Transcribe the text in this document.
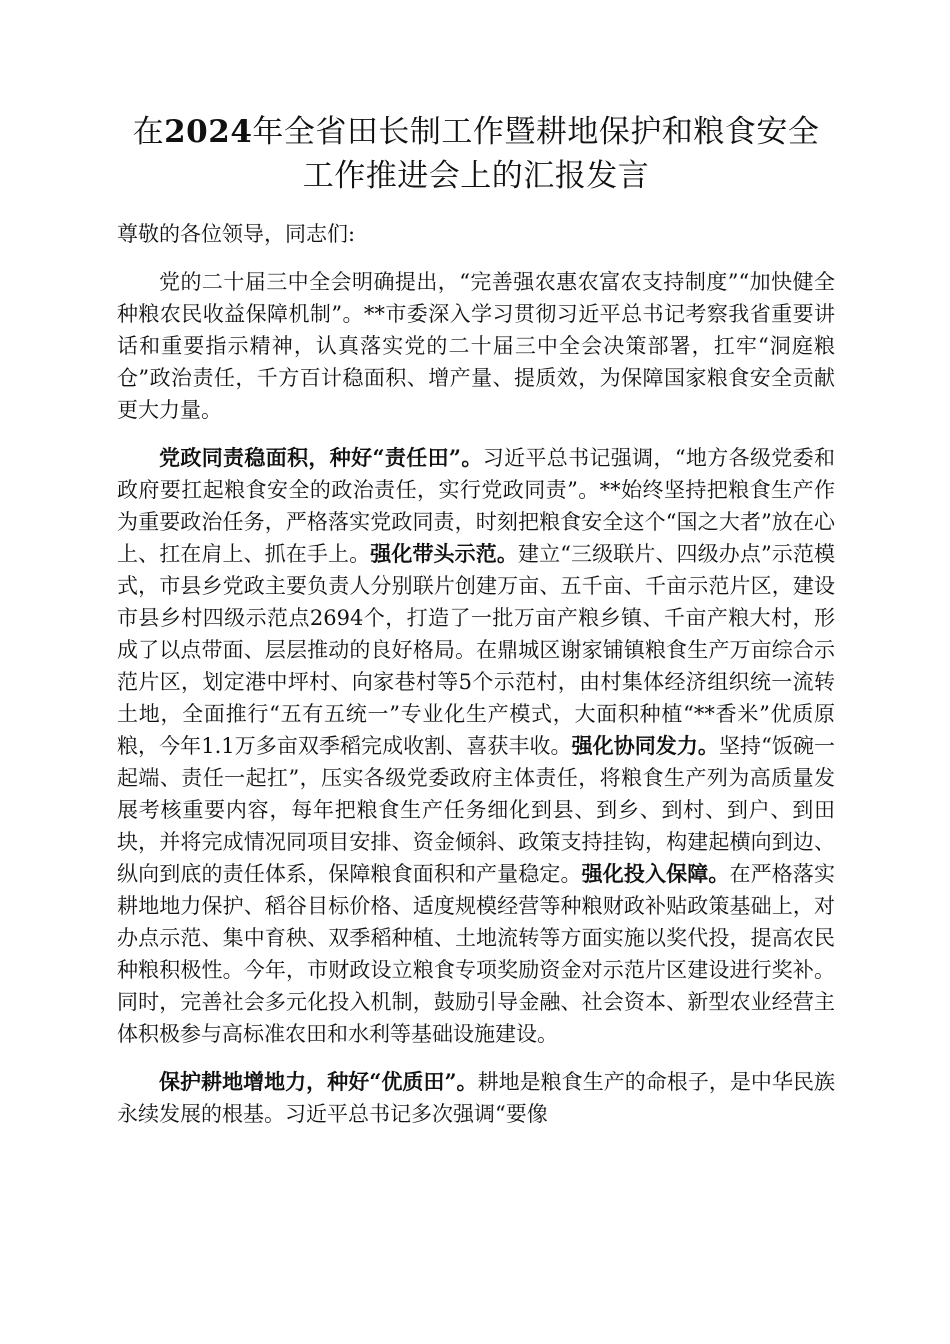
在2024年全省田长制工作暨耕地保护和粮食安全工作推进会上的汇报发言

尊敬的各位领导，同志们:

党的二十届三中全会明确提出，“完善强农惠农富农支持制度”“加快健全种粮农民收益保障机制”。**市委深入学习贯彻习近平总书记考察我省重要讲话和重要指示精神，认真落实党的二十届三中全会决策部署，扛牢“洞庭粮仓”政治责任，千方百计稳面积、增产量、提质效，为保障国家粮食安全贡献更大力量。

党政同责稳面积，种好“责任田”。习近平总书记强调，“地方各级党委和政府要扛起粮食安全的政治责任，实行党政同责”。**始终坚持把粮食生产作为重要政治任务，严格落实党政同责，时刻把粮食安全这个“国之大者”放在心上、扛在肩上、抓在手上。强化带头示范。建立“三级联片、四级办点”示范模式，市县乡党政主要负责人分别联片创建万亩、五千亩、千亩示范片区，建设市县乡村四级示范点2694个，打造了一批万亩产粮乡镇、千亩产粮大村，形成了以点带面、层层推动的良好格局。在鼎城区谢家铺镇粮食生产万亩综合示范片区，划定港中坪村、向家巷村等5个示范村，由村集体经济组织统一流转土地，全面推行“五有五统一”专业化生产模式，大面积种植“**香米”优质原粮，今年1.1万多亩双季稻完成收割、喜获丰收。强化协同发力。坚持“饭碗一起端、责任一起扛”，压实各级党委政府主体责任，将粮食生产列为高质量发展考核重要内容，每年把粮食生产任务细化到县、到乡、到村、到户、到田块，并将完成情况同项目安排、资金倾斜、政策支持挂钩，构建起横向到边、纵向到底的责任体系，保障粮食面积和产量稳定。强化投入保障。在严格落实耕地地力保护、稻谷目标价格、适度规模经营等种粮财政补贴政策基础上，对办点示范、集中育秧、双季稻种植、土地流转等方面实施以奖代投，提高农民种粮积极性。今年，市财政设立粮食专项奖励资金对示范片区建设进行奖补。同时，完善社会多元化投入机制，鼓励引导金融、社会资本、新型农业经营主体积极参与高标准农田和水利等基础设施建设。

保护耕地增地力，种好“优质田”。耕地是粮食生产的命根子，是中华民族永续发展的根基。习近平总书记多次强调“要像
